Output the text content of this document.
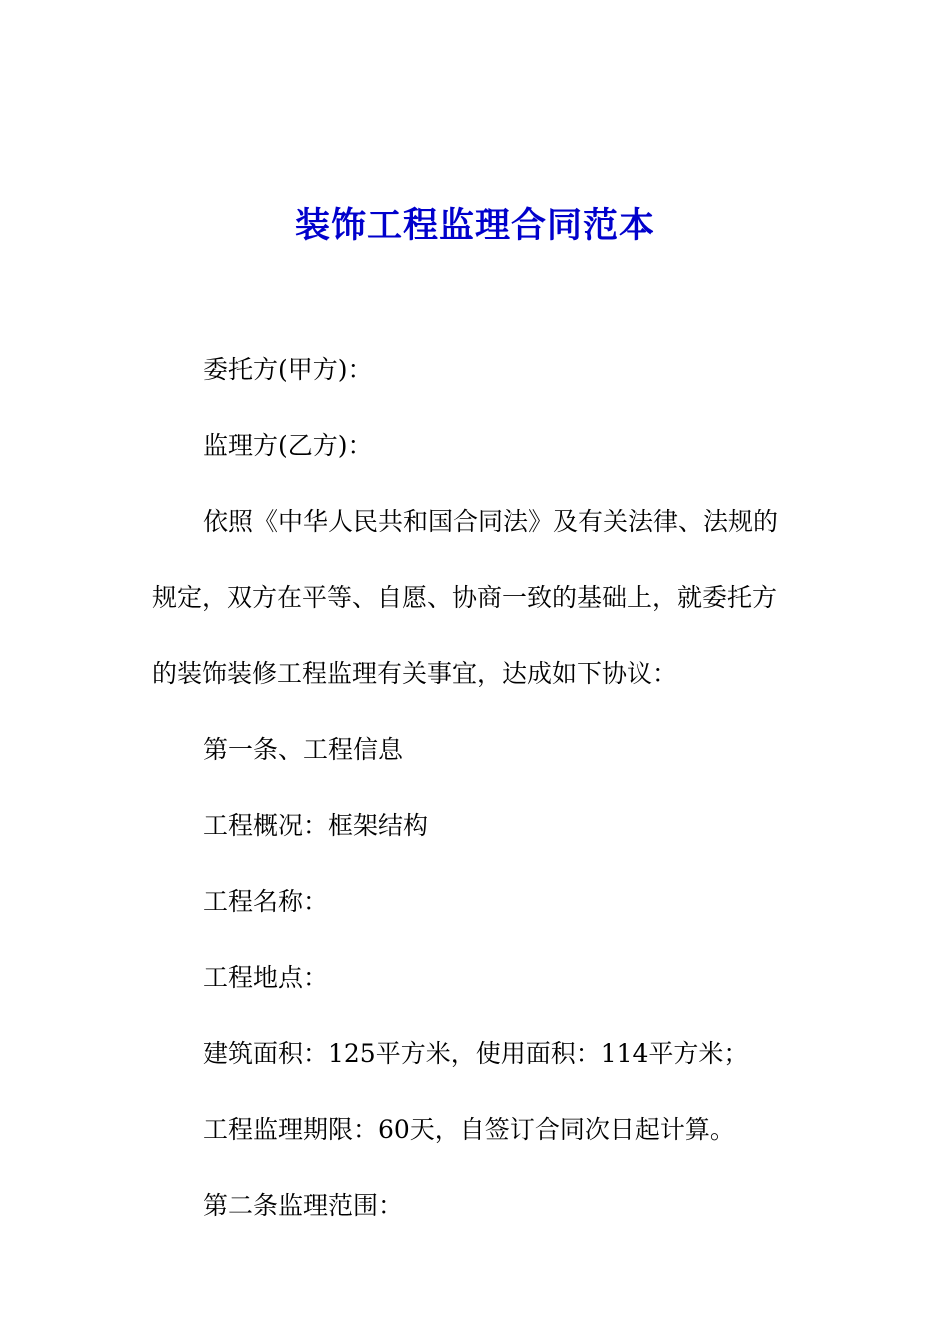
装饰工程监理合同范本

委托方(甲方)：

监理方(乙方)：

依照《中华人民共和国合同法》及有关法律、法规的规定，双方在平等、自愿、协商一致的基础上，就委托方的装饰装修工程监理有关事宜，达成如下协议：

第一条、工程信息

工程概况：框架结构

工程名称：

工程地点：

建筑面积：125平方米，使用面积：114平方米；

工程监理期限：60天，自签订合同次日起计算。

第二条监理范围：
